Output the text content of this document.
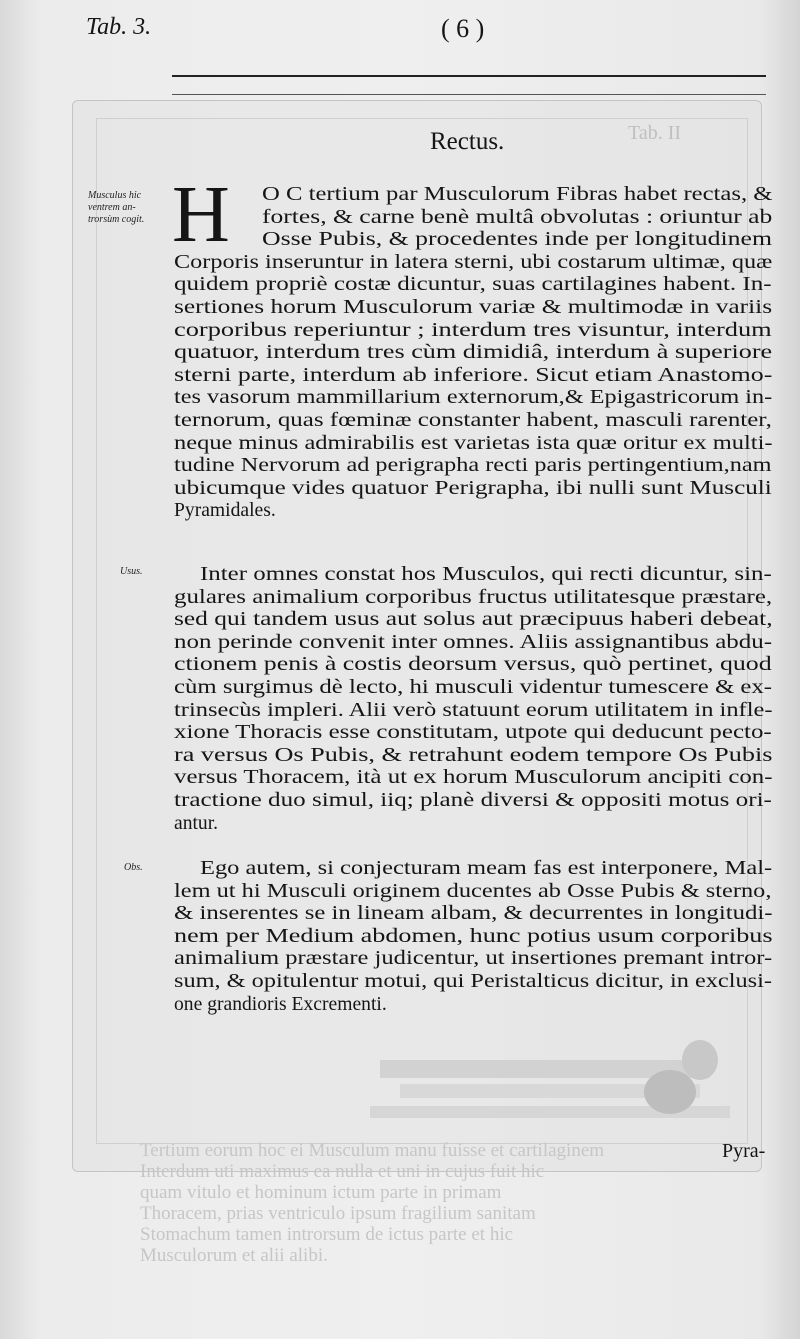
Tab. II
Tertium eorum hoc ei Musculum manu fuisse et cartilaginem
Interdum uti maximus ea nulla et uni in cujus fuit hic
quam vitulo et hominum ictum parte in primam
Thoracem, prias ventriculo ipsum fragilium sanitam
Stomachum tamen introrsum de ictus parte et hic
Musculorum et alii alibi.
Tab. 3.	( 6 )
Rectus.
Musculus hic
ventrem an-
trorsùm cogit.
Usus.
Obs.
H O C tertium par Musculorum Fibras habet rectas, &
fortes, & carne benè multâ obvolutas : oriuntur ab
Osse Pubis, & procedentes inde per longitudinem
Corporis inseruntur in latera sterni, ubi costarum ultimæ, quæ
quidem propriè costæ dicuntur, suas cartilagines habent. In-
sertiones horum Musculorum variæ & multimodæ in variis
corporibus reperiuntur ; interdum tres visuntur, interdum
quatuor, interdum tres cùm dimidiâ, interdum à superiore
sterni parte, interdum ab inferiore. Sicut etiam Anastomo-
tes vasorum mammillarium externorum,& Epigastricorum in-
ternorum, quas fœminæ constanter habent, masculi rarenter,
neque minus admirabilis est varietas ista quæ oritur ex multi-
tudine Nervorum ad perigrapha recti paris pertingentium,nam
ubicumque vides quatuor Perigrapha, ibi nulli sunt Musculi
Pyramidales.
Inter omnes constat hos Musculos, qui recti dicuntur, sin-
gulares animalium corporibus fructus utilitatesque præstare,
sed qui tandem usus aut solus aut præcipuus haberi debeat,
non perinde convenit inter omnes. Aliis assignantibus abdu-
ctionem penis à costis deorsum versus, quò pertinet, quod
cùm surgimus dè lecto, hi musculi videntur tumescere & ex-
trinsecùs impleri. Alii verò statuunt eorum utilitatem in infle-
xione Thoracis esse constitutam, utpote qui deducunt pecto-
ra versus Os Pubis, & retrahunt eodem tempore Os Pubis
versus Thoracem, ità ut ex horum Musculorum ancipiti con-
tractione duo simul, iiq; planè diversi & oppositi motus ori-
antur.
Ego autem, si conjecturam meam fas est interponere, Mal-
lem ut hi Musculi originem ducentes ab Osse Pubis & sterno,
& inserentes se in lineam albam, & decurrentes in longitudi-
nem per Medium abdomen, hunc potius usum corporibus
animalium præstare judicentur, ut insertiones premant intror-
sum, & opitulentur motui, qui Peristalticus dicitur, in exclusi-
one grandioris Excrementi.
Pyra-
